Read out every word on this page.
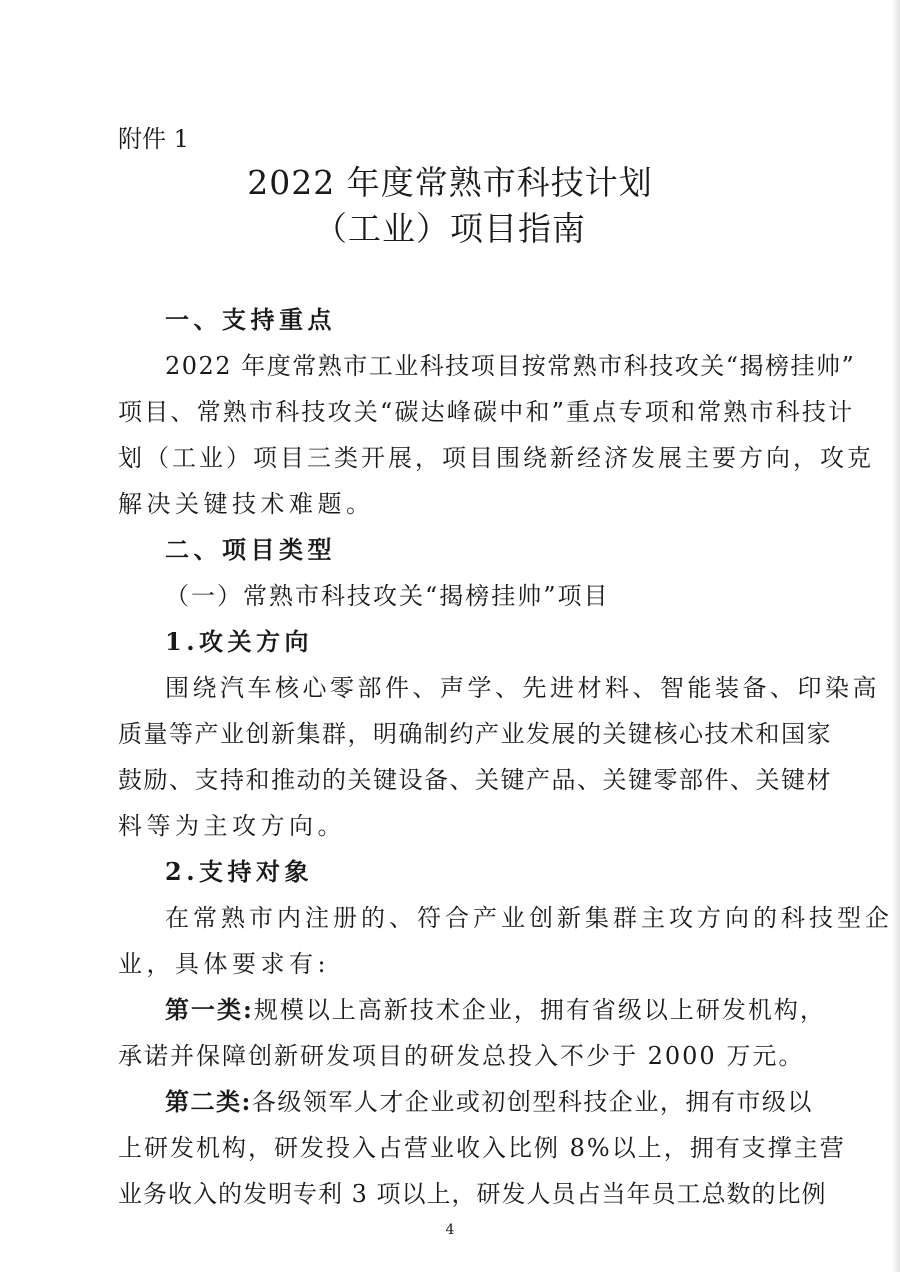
附件 1
2022 年度常熟市科技计划
（工业）项目指南
一、支持重点
2022 年度常熟市工业科技项目按常熟市科技攻关“揭榜挂帅”
项目、常熟市科技攻关“碳达峰碳中和”重点专项和常熟市科技计
划（工业）项目三类开展，项目围绕新经济发展主要方向，攻克
解决关键技术难题。
二、项目类型
（一）常熟市科技攻关“揭榜挂帅”项目
1.攻关方向
围绕汽车核心零部件、声学、先进材料、智能装备、印染高
质量等产业创新集群，明确制约产业发展的关键核心技术和国家
鼓励、支持和推动的关键设备、关键产品、关键零部件、关键材
料等为主攻方向。
2.支持对象
在常熟市内注册的、符合产业创新集群主攻方向的科技型企
业，具体要求有:
第一类:规模以上高新技术企业，拥有省级以上研发机构，
承诺并保障创新研发项目的研发总投入不少于 2000 万元。
第二类:各级领军人才企业或初创型科技企业，拥有市级以
上研发机构，研发投入占营业收入比例 8%以上，拥有支撑主营
业务收入的发明专利 3 项以上，研发人员占当年员工总数的比例
4
